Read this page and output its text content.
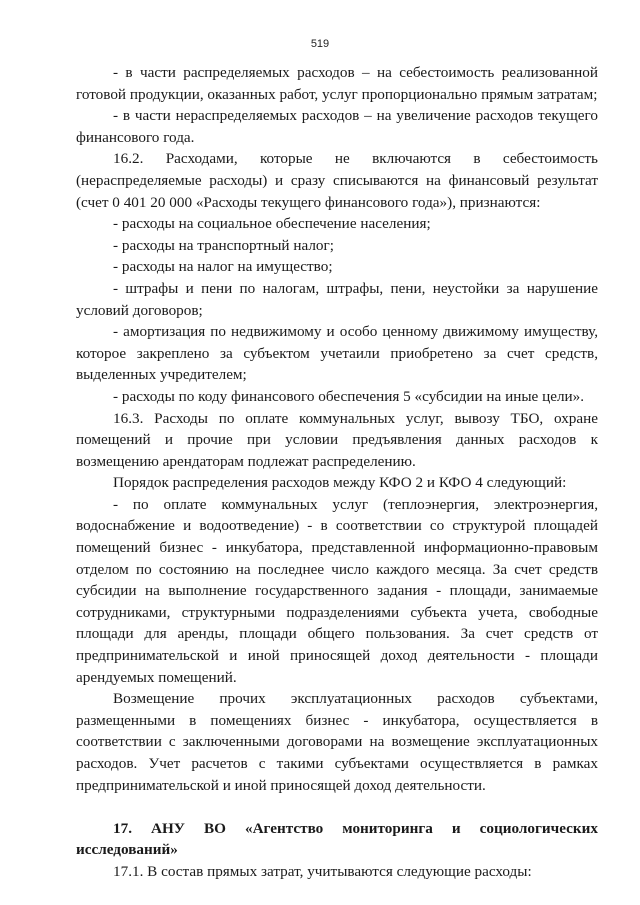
519

- в части распределяемых расходов – на себестоимость реализованной готовой продукции, оказанных работ, услуг пропорционально прямым затратам;

- в части нераспределяемых расходов – на увеличение расходов текущего финансового года.

16.2. Расходами, которые не включаются в себестоимость (нераспределяемые расходы) и сразу списываются на финансовый результат (счет 0 401 20 000 «Расходы текущего финансового года»), признаются:

- расходы на социальное обеспечение населения;

- расходы на транспортный налог;

- расходы на налог на имущество;

- штрафы и пени по налогам, штрафы, пени, неустойки за нарушение условий договоров;

- амортизация по недвижимому и особо ценному движимому имуществу, которое закреплено за субъектом учетаили приобретено за счет средств, выделенных учредителем;

- расходы по коду финансового обеспечения 5 «субсидии на иные цели».

16.3. Расходы по оплате коммунальных услуг, вывозу ТБО, охране помещений и прочие при условии предъявления данных расходов к возмещению арендаторам подлежат распределению.

Порядок распределения расходов между КФО 2 и КФО 4 следующий:

- по оплате коммунальных услуг (теплоэнергия, электроэнергия, водоснабжение и водоотведение) - в соответствии со структурой площадей помещений бизнес - инкубатора, представленной информационно-правовым отделом по состоянию на последнее число каждого месяца. За счет средств субсидии на выполнение государственного задания - площади, занимаемые сотрудниками, структурными подразделениями субъекта учета, свободные площади для аренды, площади общего пользования. За счет средств от предпринимательской и иной приносящей доход деятельности - площади арендуемых помещений.

Возмещение прочих эксплуатационных расходов субъектами, размещенными в помещениях бизнес - инкубатора, осуществляется в соответствии с заключенными договорами на возмещение эксплуатационных расходов. Учет расчетов с такими субъектами осуществляется в рамках предпринимательской и иной приносящей доход деятельности.

17. АНУ ВО «Агентство мониторинга и социологических исследований»

17.1. В состав прямых затрат, учитываются следующие расходы:
